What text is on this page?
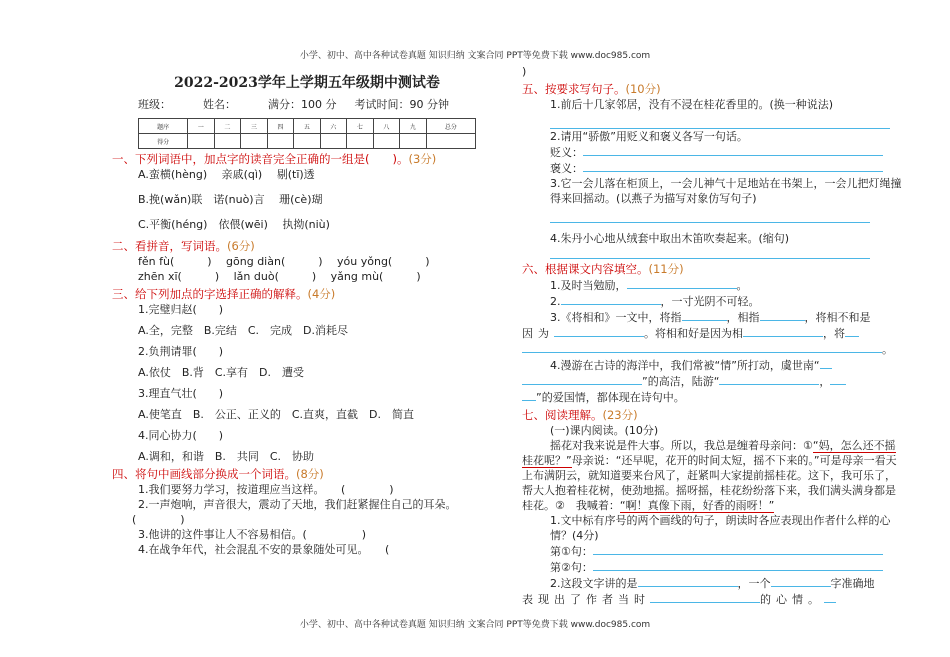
小学、初中、高中各种试卷真题 知识归纳 文案合同 PPT等免费下载 www.doc985.com
2022-2023学年上学期五年级期中测试卷
班级：	姓名：	满分：100 分 考试时间：90 分钟
题序	一	二	三	四	五	六	七	八	九	总分
得分										
一、下列词语中，加点字的读音完全正确的一组是(　　)。(3分)
A.蛮横(hèng)　 亲戚(qì)　 剔(tī)透
B.挽(wǎn)联　诺(nuò)言　 珊(cè)瑚
C.平衡(héng)　依偎(wēi)　 执拗(niù)
二、看拼音，写词语。(6分)
fěn fù(　　　)　 gōng diàn(　　　)　 yóu yǒng(　　　)
zhēn xī(　　　)　 lǎn duò(　　　)　 yǎng mù(　　　)
三、给下列加点的字选择正确的解释。(4分)
1.完璧归赵(　　)
A.全，完整　B.完结　C.　完成　D.消耗尽
2.负荆请罪(　　)
A.依仗　B.背　C.享有　D.　遭受
3.理直气壮(　　)
A.使笔直　B.　公正、正义的　C.直爽，直截　D.　简直
4.同心协力(　　)
A.调和，和谐　B.　共同　C.　协助
四、将句中画线部分换成一个词语。(8分)
1.我们要努力学习，按道理应当这样。　　(　　　　)
2.一声炮响，声音很大，震动了天地，我们赶紧握住自己的耳朵。
(　　　　)
3.他讲的这件事让人不容易相信。(　　　　　)
4.在战争年代，社会混乱不安的景象随处可见。　　(
)
五、按要求写句子。(10分)
1.前后十几家邻居，没有不浸在桂花香里的。(换一种说法)
2.请用“骄傲”用贬义和褒义各写一句话。
贬义：
褒义：
3.它一会儿落在柜顶上，一会儿神气十足地站在书架上，一会儿把灯绳撞得来回摇动。(以燕子为描写对象仿写句子)
4.朱丹小心地从绒套中取出木笛吹奏起来。(缩句)
六、根据课文内容填空。(11分)
1.及时当勉励，	。
2.	，一寸光阴不可轻。
3.《将相和》一文中，将指	，相指	，将相不和是
因为	。将相和好是因为相	，将
。
4.漫游在古诗的海洋中，我们常被“情”所打动，虞世南“
”的高洁，陆游“	，
”的爱国情，都体现在诗句中。
七、阅读理解。(23分)
(一)课内阅读。(10分)
摇花对我来说是件大事。所以，我总是缠着母亲问：①“妈，怎么还不摇桂花呢？”母亲说：“还早呢，花开的时间太短，摇不下来的。”可是母亲一看天上布满阴云，就知道要来台风了，赶紧叫大家提前摇桂花。这下，我可乐了，帮大人抱着桂花树，使劲地摇。摇呀摇，桂花纷纷落下来，我们满头满身都是桂花。②　我喊着：“啊！真像下雨，好香的雨呀！”
1.文中标有序号的两个画线的句子，朗读时各应表现出作者什么样的心情？(4分)
第①句：
第②句：
2.这段文字讲的是	，一个	字准确地
表现出了作者当时	的心情。
小学、初中、高中各种试卷真题 知识归纳 文案合同 PPT等免费下载 www.doc985.com
